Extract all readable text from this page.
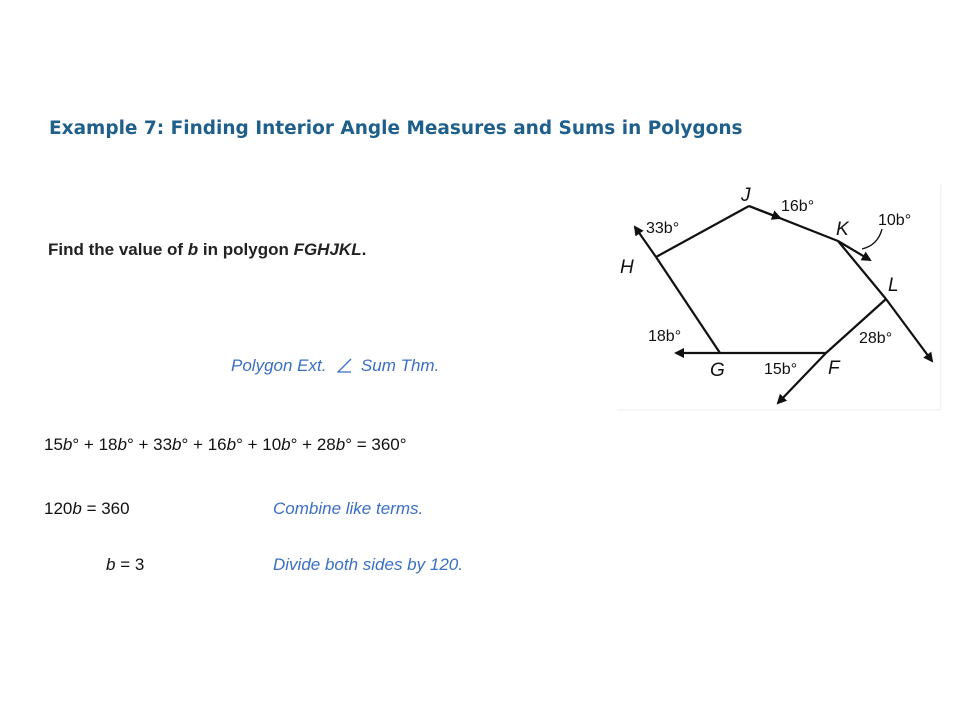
Example 7: Finding Interior Angle Measures and Sums in Polygons
Find the value of b in polygon FGHJKL.
Polygon Ext.  Sum Thm.
15b° + 18b° + 33b° + 16b° + 10b° + 28b° = 360°
120b = 360	Combine like terms.
b = 3	Divide both sides by 120.
H
J
K
L
F
G
33b°
16b°
10b°
28b°
15b°
18b°
